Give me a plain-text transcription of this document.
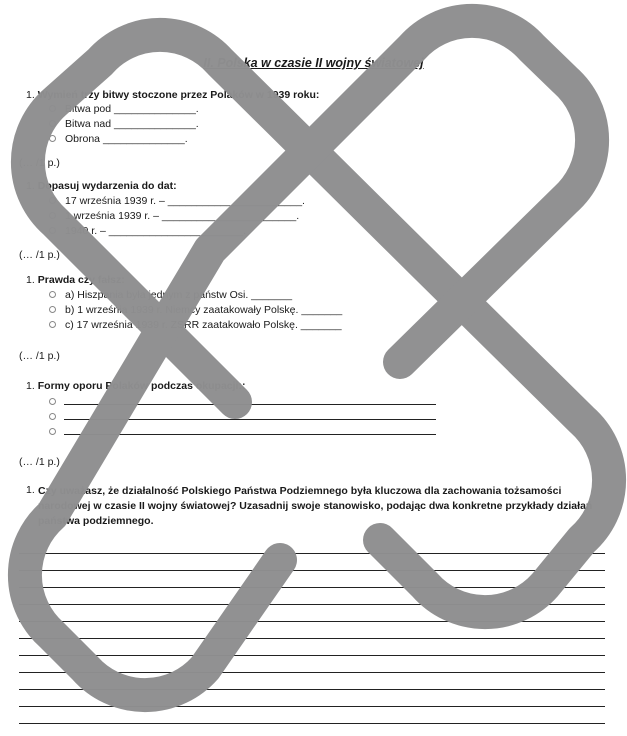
II. Polska w czasie II wojny światowej
1. Wymień trzy bitwy stoczone przez Polaków w 1939 roku:
Bitwa pod ______________.
Bitwa nad ______________.
Obrona ______________.
(… /1 p.)
1. Dopasuj wydarzenia do dat:
17 września 1939 r. – _______________________.
1 września 1939 r. – _______________________.
1940 r. – _______________________.
(… /1 p.)
1. Prawda czy fałsz:
a) Hiszpania była jednym z państw Osi. _______
b) 1 września 1939 r. Niemcy zaatakowały Polskę. _______
c) 17 września 1939 r. ZSRR zaatakowało Polskę. _______
(… /1 p.)
1. Formy oporu Polaków podczas okupacji::
(… /1 p.)
1. Czy uważasz, że działalność Polskiego Państwa Podziemnego była kluczowa dla zachowania tożsamości narodowej w czasie II wojny światowej? Uzasadnij swoje stanowisko, podając dwa konkretne przykłady działań państwa podziemnego.
